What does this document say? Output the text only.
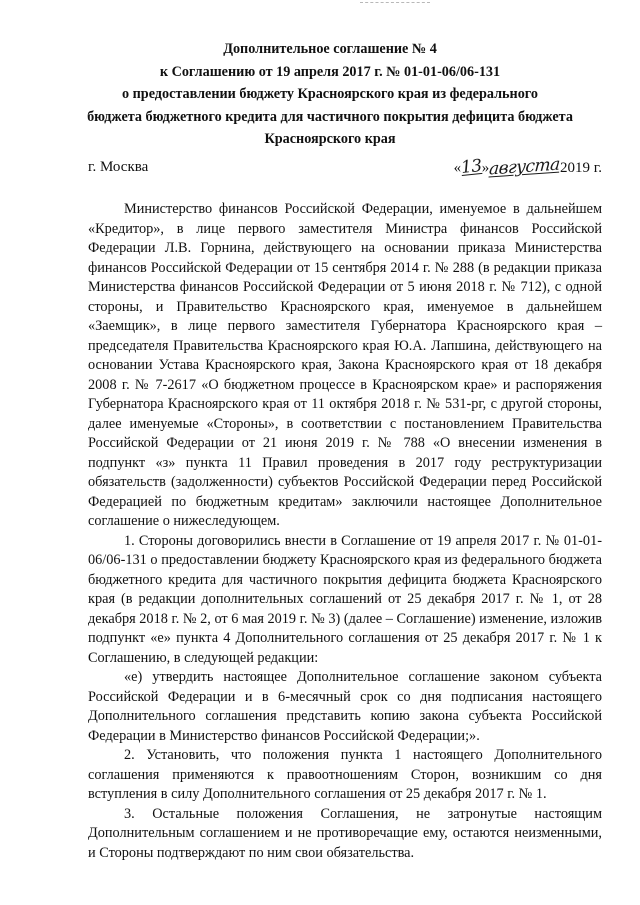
Дополнительное соглашение № 4
к Соглашению от 19 апреля 2017 г. № 01-01-06/06-131
о предоставлении бюджету Красноярского края из федерального
бюджета бюджетного кредита для частичного покрытия дефицита бюджета
Красноярского края
г. Москва	«13»августа2019 г.

Министерство финансов Российской Федерации, именуемое в дальнейшем «Кредитор», в лице первого заместителя Министра финансов Российской Федерации Л.В. Горнина, действующего на основании приказа Министерства финансов Российской Федерации от 15 сентября 2014 г. № 288 (в редакции приказа Министерства финансов Российской Федерации от 5 июня 2018 г. № 712), с одной стороны, и Правительство Красноярского края, именуемое в дальнейшем «Заемщик», в лице первого заместителя Губернатора Красноярского края – председателя Правительства Красноярского края Ю.А. Лапшина, действующего на основании Устава Красноярского края, Закона Красноярского края от 18 декабря 2008 г. № 7-2617 «О бюджетном процессе в Красноярском крае» и распоряжения Губернатора Красноярского края от 11 октября 2018 г. № 531-рг, с другой стороны, далее именуемые «Стороны», в соответствии с постановлением Правительства Российской Федерации от 21 июня 2019 г. № 788 «О внесении изменения в подпункт «з» пункта 11 Правил проведения в 2017 году реструктуризации обязательств (задолженности) субъектов Российской Федерации перед Российской Федерацией по бюджетным кредитам» заключили настоящее Дополнительное соглашение о нижеследующем.

1. Стороны договорились внести в Соглашение от 19 апреля 2017 г. № 01-01-06/06-131 о предоставлении бюджету Красноярского края из федерального бюджета бюджетного кредита для частичного покрытия дефицита бюджета Красноярского края (в редакции дополнительных соглашений от 25 декабря 2017 г. № 1, от 28 декабря 2018 г. № 2, от 6 мая 2019 г. № 3) (далее – Соглашение) изменение, изложив подпункт «е» пункта 4 Дополнительного соглашения от 25 декабря 2017 г. № 1 к Соглашению, в следующей редакции:

«е) утвердить настоящее Дополнительное соглашение законом субъекта Российской Федерации и в 6-месячный срок со дня подписания настоящего Дополнительного соглашения представить копию закона субъекта Российской Федерации в Министерство финансов Российской Федерации;».

2. Установить, что положения пункта 1 настоящего Дополнительного соглашения применяются к правоотношениям Сторон, возникшим со дня вступления в силу Дополнительного соглашения от 25 декабря 2017 г. № 1.

3. Остальные положения Соглашения, не затронутые настоящим Дополнительным соглашением и не противоречащие ему, остаются неизменными, и Стороны подтверждают по ним свои обязательства.
